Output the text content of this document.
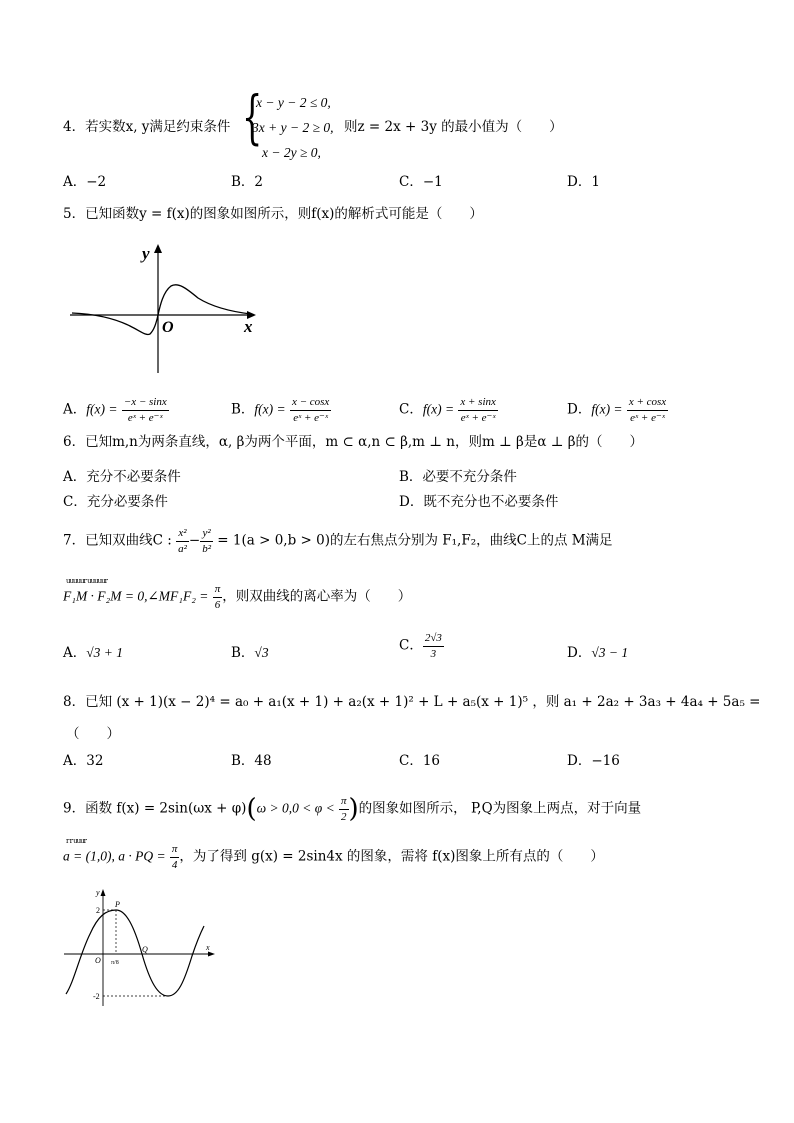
4．若实数x, y满足约束条件 {
x − y − 2 ≤ 0,
3x + y − 2 ≥ 0,
x − 2y ≥ 0,
则z = 2x + 3y 的最小值为（　　）
A．−2	B．2	C．−1	D．1
5．已知函数y = f(x)的图象如图所示，则f(x)的解析式可能是（　　）
y
x
O
A．$f(x) = \frac{-x - \sin x}{\text{eˣ + e⁻ˣ}}$	B．$f(x) = \frac{x - \cos x}{\text{eˣ + e⁻ˣ}}$	C．$f(x) = \frac{x + \sin x}{\text{eˣ + e⁻ˣ}}$	D．$f(x) = \frac{x + \cos x}{\text{eˣ + e⁻ˣ}}$
6．已知m,n为两条直线，α, β为两个平面，m ⊂ α,n ⊂ β,m ⊥ n，则m ⊥ β是α ⊥ β的（　　）
A．充分不必要条件	B．必要不充分条件
C．充分必要条件	D．既不充分也不必要条件
7．已知双曲线C : $\frac{\text{x²}}{\text{a²}} - \frac{\text{y²}}{\text{b²}} = 1(a > 0,b > 0)$的左右焦点分别为 F₁,F₂，曲线C上的点 M满足
uuuuur uuuuur
F₁M · F₂M = 0,∠MF₁F₂ = $\frac{\pi}{6}$ ，则双曲线的离心率为（　　）
A．√3 + 1	B．√3	C． $\frac{2√3}{3}$	D．√3 − 1
8．已知 (x + 1)(x − 2)⁴ = a₀ + a₁(x + 1) + a₂(x + 1)² + L + a₅(x + 1)⁵ ，则 a₁ + 2a₂ + 3a₃ + 4a₄ + 5a₅ =
（　　）
A．32	B．48	C．16	D．−16
9．函数 $f(x) = 2\sin(\omega x + \varphi)(\omega > 0,0 < \varphi < \frac{\pi}{2}$ )的图象如图所示， P,Q为图象上两点，对于向量
r r uuur
a = (1,0), a · PQ = $\frac{\pi}{4}$ ，为了得到 g(x) = 2sin4x 的图象，需将 f(x)图象上所有点的（　　）
y
x
O
P
Q
2
-2
π/8
